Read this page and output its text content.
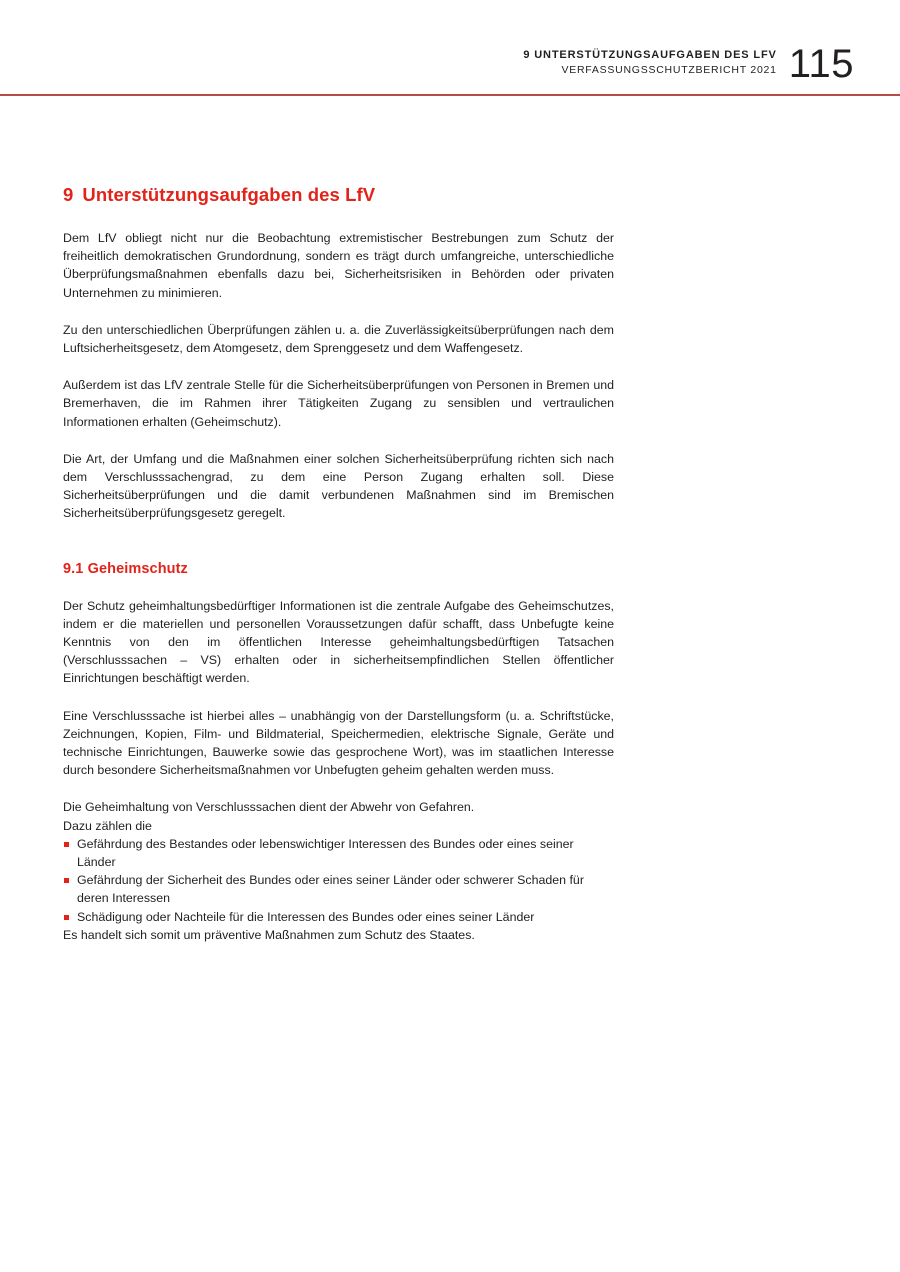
9 UNTERSTÜTZUNGSAUFGABEN DES LFV
VERFASSUNGSSCHUTZBERICHT 2021 115
9 Unterstützungsaufgaben des LfV

Dem LfV obliegt nicht nur die Beobachtung extremistischer Bestrebungen zum Schutz der freiheitlich demokratischen Grundordnung, sondern es trägt durch umfangreiche, unterschiedliche Überprüfungsmaßnahmen ebenfalls dazu bei, Sicherheitsrisiken in Behörden oder privaten Unternehmen zu minimieren.

Zu den unterschiedlichen Überprüfungen zählen u. a. die Zuverlässigkeitsüberprüfungen nach dem Luftsicherheitsgesetz, dem Atomgesetz, dem Sprenggesetz und dem Waffengesetz.

Außerdem ist das LfV zentrale Stelle für die Sicherheitsüberprüfungen von Personen in Bremen und Bremerhaven, die im Rahmen ihrer Tätigkeiten Zugang zu sensiblen und vertraulichen Informationen erhalten (Geheimschutz).

Die Art, der Umfang und die Maßnahmen einer solchen Sicherheitsüberprüfung richten sich nach dem Verschlusssachengrad, zu dem eine Person Zugang erhalten soll. Diese Sicherheitsüberprüfungen und die damit verbundenen Maßnahmen sind im Bremischen Sicherheitsüberprüfungsgesetz geregelt.

9.1 Geheimschutz

Der Schutz geheimhaltungsbedürftiger Informationen ist die zentrale Aufgabe des Geheimschutzes, indem er die materiellen und personellen Voraussetzungen dafür schafft, dass Unbefugte keine Kenntnis von den im öffentlichen Interesse geheimhaltungsbedürftigen Tatsachen (Verschlusssachen – VS) erhalten oder in sicherheitsempfindlichen Stellen öffentlicher Einrichtungen beschäftigt werden.

Eine Verschlusssache ist hierbei alles – unabhängig von der Darstellungsform (u. a. Schriftstücke, Zeichnungen, Kopien, Film- und Bildmaterial, Speichermedien, elektrische Signale, Geräte und technische Einrichtungen, Bauwerke sowie das gesprochene Wort), was im staatlichen Interesse durch besondere Sicherheitsmaßnahmen vor Unbefugten geheim gehalten werden muss.

Die Geheimhaltung von Verschlusssachen dient der Abwehr von Gefahren.

Dazu zählen die

Gefährdung des Bestandes oder lebenswichtiger Interessen des Bundes oder eines seiner Länder
Gefährdung der Sicherheit des Bundes oder eines seiner Länder oder schwerer Schaden für deren Interessen
Schädigung oder Nachteile für die Interessen des Bundes oder eines seiner Länder

Es handelt sich somit um präventive Maßnahmen zum Schutz des Staates.
